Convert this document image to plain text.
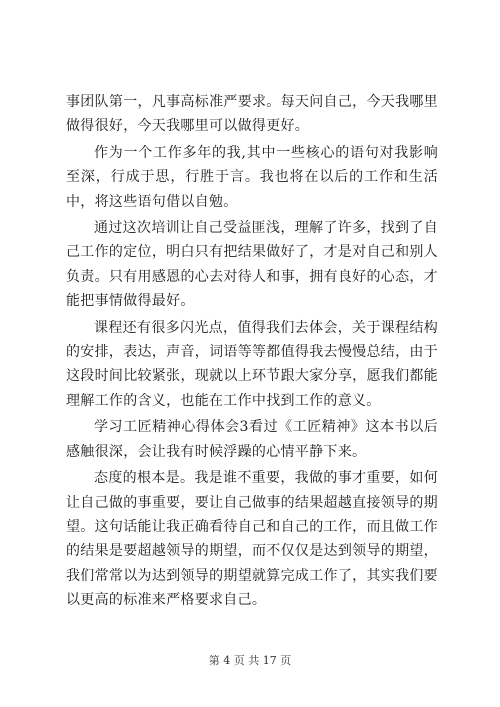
事团队第一，凡事高标准严要求。每天问自己，今天我哪里做得很好，今天我哪里可以做得更好。

作为一个工作多年的我,其中一些核心的语句对我影响至深，行成于思，行胜于言。我也将在以后的工作和生活中，将这些语句借以自勉。

通过这次培训让自己受益匪浅，理解了许多，找到了自己工作的定位，明白只有把结果做好了，才是对自己和别人负责。只有用感恩的心去对待人和事，拥有良好的心态，才能把事情做得最好。

课程还有很多闪光点，值得我们去体会，关于课程结构的安排，表达，声音，词语等等都值得我去慢慢总结，由于这段时间比较紧张，现就以上环节跟大家分享，愿我们都能理解工作的含义，也能在工作中找到工作的意义。

学习工匠精神心得体会3看过《工匠精神》这本书以后感触很深，会让我有时候浮躁的心情平静下来。

态度的根本是。我是谁不重要，我做的事才重要，如何让自己做的事重要，要让自己做事的结果超越直接领导的期望。这句话能让我正确看待自己和自己的工作，而且做工作的结果是要超越领导的期望，而不仅仅是达到领导的期望，我们常常以为达到领导的期望就算完成工作了，其实我们要以更高的标准来严格要求自己。

第 4 页 共 17 页
